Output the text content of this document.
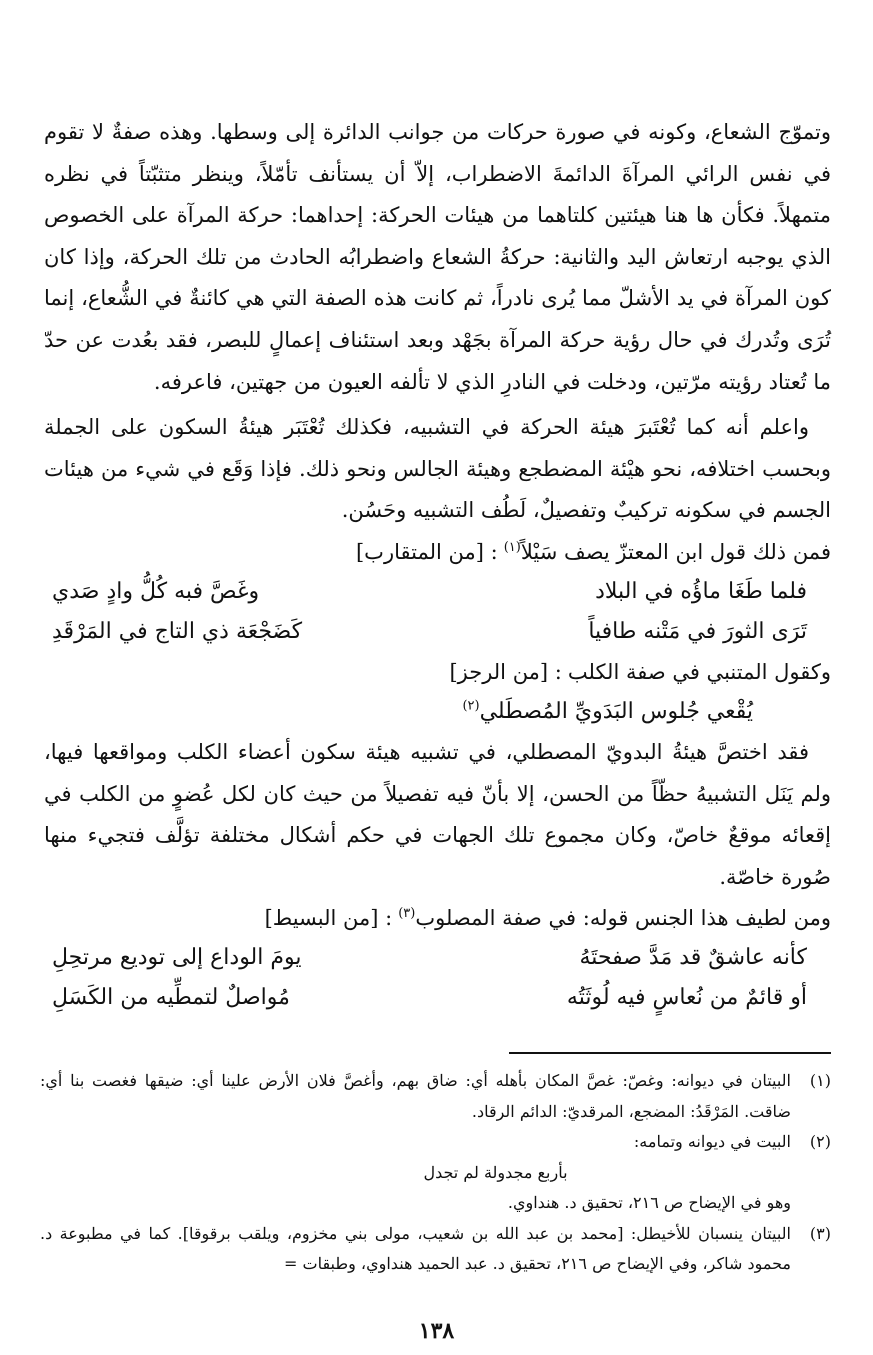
وتموّج الشعاع، وكونه في صورة حركات من جوانب الدائرة إلى وسطها. وهذه صفةٌ لا تقوم في نفس الرائي المرآةَ الدائمةَ الاضطراب، إلاّ أن يستأنف تأمّلاً، وينظر متثبّتاً في نظره متمهلاً. فكأن ها هنا هيئتين كلتاهما من هيئات الحركة: إحداهما: حركة المرآة على الخصوص الذي يوجبه ارتعاش اليد والثانية: حركةُ الشعاع واضطرابُه الحادث من تلك الحركة، وإذا كان كون المرآة في يد الأشلّ مما يُرى نادراً، ثم كانت هذه الصفة التي هي كائنةٌ في الشُّعاع، إنما تُرَى وتُدرك في حال رؤية حركة المرآة بجَهْد وبعد استئناف إعمالٍ للبصر، فقد بعُدت عن حدّ ما تُعتاد رؤيته مرّتين، ودخلت في النادرِ الذي لا تألفه العيون من جهتين، فاعرفه.

واعلم أنه كما تُعْتَبرَ هيئة الحركة في التشبيه، فكذلك تُعْتَبَر هيئةُ السكون على الجملة وبحسب اختلافه، نحو هيْئة المضطجع وهيئة الجالس ونحو ذلك. فإذا وَقَع في شيء من هيئات الجسم في سكونه تركيبٌ وتفصيلٌ، لَطُف التشبيه وحَسُن.

فمن ذلك قول ابن المعتزّ يصف سَيْلاً$^{(١)}$: [من المتقارب]
فلما طَغَا ماؤُه في البلاد
وغَصَّ فبه كُلُّ وادٍ صَدي
تَرَى الثورَ في مَتْنه طافياً
كَضَجْعَة ذي التاج في المَرْقَدِ
وكقول المتنبي في صفة الكلب: [من الرجز]
يُقْعي جُلوس البَدَويِّ المُصطَلي$^{(٢)}$

فقد اختصَّ هيئةُ البدويّ المصطلي، في تشبيه هيئة سكون أعضاء الكلب ومواقعها فيها، ولم يَنَل التشبيهُ حظّاً من الحسن، إلا بأنّ فيه تفصيلاً من حيث كان لكل عُضوٍ من الكلب في إقعائه موقعٌ خاصّ، وكان مجموع تلك الجهات في حكم أشكال مختلفة تؤلَّف فتجيء منها صُورة خاصّة.

ومن لطيف هذا الجنس قوله: في صفة المصلوب$^{(٣)}$: [من البسيط]
كأنه عاشقٌ قد مَدَّ صفحتَهُ
يومَ الوداع إلى توديع مرتحِلِ
أو قائمٌ من نُعاسٍ فيه لُوثَتُه
مُواصلٌ لتمطِّيه من الكَسَلِ
(١)
البيتان في ديوانه: وغصّ: غصَّ المكان بأهله أي: ضاق بهم، وأغصَّ فلان الأرض علينا أي: ضيقها فغصت بنا أي: ضاقت. المَرْقَدُ: المضجع، المرقديّ: الدائم الرقاد.
(٢)
البيت في ديوانه وتمامه:
بأربع مجدولة لم تجدل
وهو في الإيضاح ص ٢١٦، تحقيق د. هنداوي.
(٣)
البيتان ينسبان للأخيطل: [محمد بن عبد الله بن شعيب، مولى بني مخزوم، ويلقب برقوقا]. كما في مطبوعة د. محمود شاكر، وفي الإيضاح ص ٢١٦، تحقيق د. عبد الحميد هنداوي، وطبقات =
١٣٨
